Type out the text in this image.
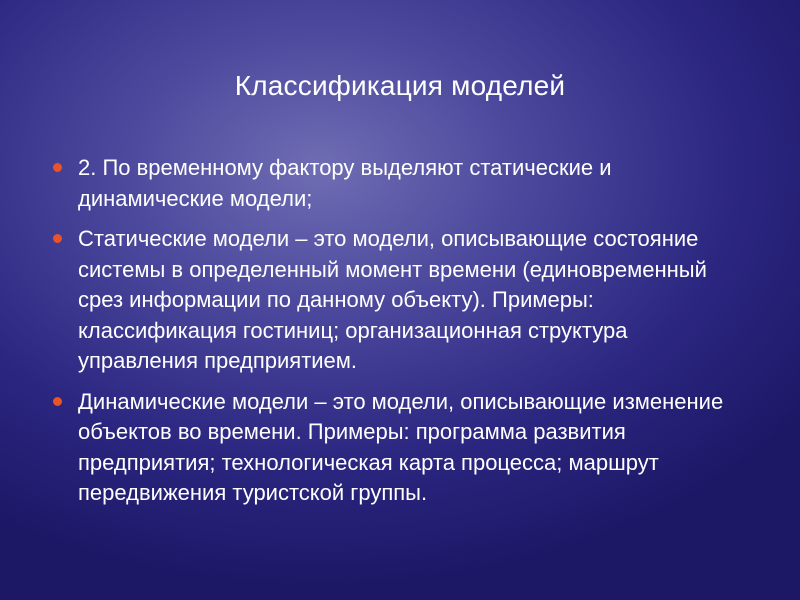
Классификация моделей
2. По временному фактору выделяют статические и динамические модели;
Статические модели – это модели, описывающие состояние системы в определенный момент времени (единовременный срез информации по данному объекту). Примеры: классификация гостиниц; организационная структура управления предприятием.
Динамические модели – это модели, описывающие изменение объектов во времени. Примеры: программа развития предприятия; технологическая карта процесса; маршрут передвижения туристской группы.
